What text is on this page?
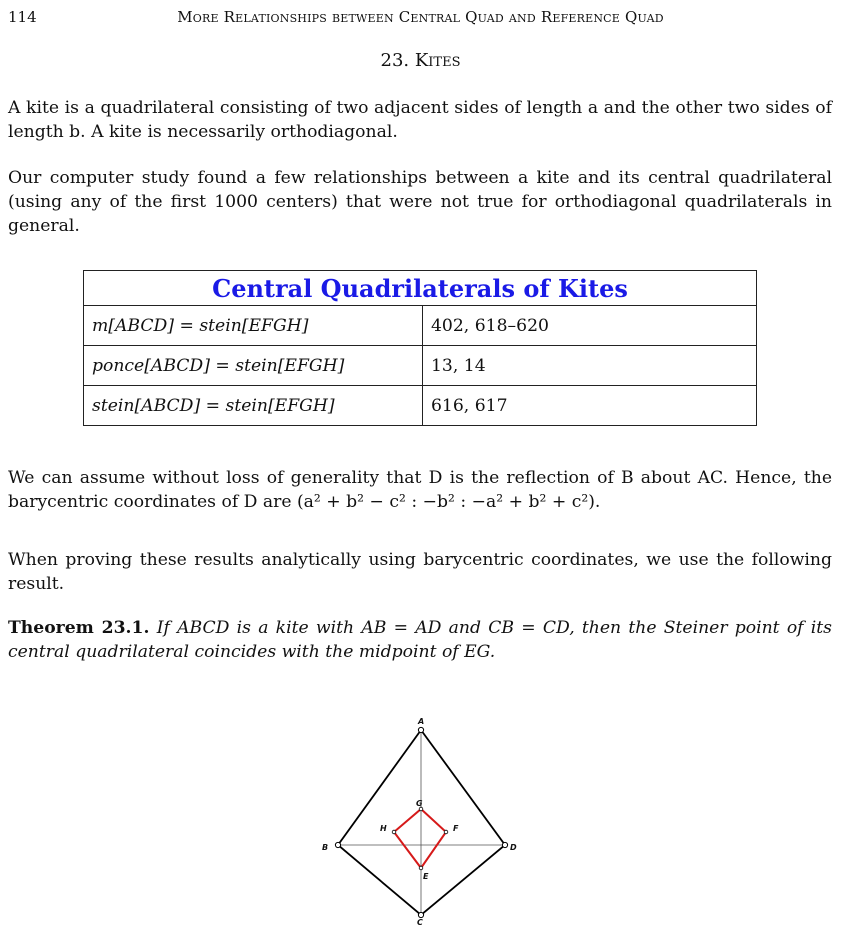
114	More Relationships between Central Quad and Reference Quad
23. Kites
A kite is a quadrilateral consisting of two adjacent sides of length a and the other two sides of length b. A kite is necessarily orthodiagonal.
Our computer study found a few relationships between a kite and its central quadrilateral (using any of the first 1000 centers) that were not true for orthodiagonal quadrilaterals in general.
Central Quadrilaterals of Kites	
m[ABCD] = stein[EFGH]	402, 618–620
ponce[ABCD] = stein[EFGH]	13, 14
stein[ABCD] = stein[EFGH]	616, 617
We can assume without loss of generality that D is the reflection of B about AC. Hence, the barycentric coordinates of D are (a² + b² − c² : −b² : −a² + b² + c²).
When proving these results analytically using barycentric coordinates, we use the following result.
Theorem 23.1. If ABCD is a kite with AB = AD and CB = CD, then the Steiner point of its central quadrilateral coincides with the midpoint of EG.
A
B
C
D
E
F
G
H
